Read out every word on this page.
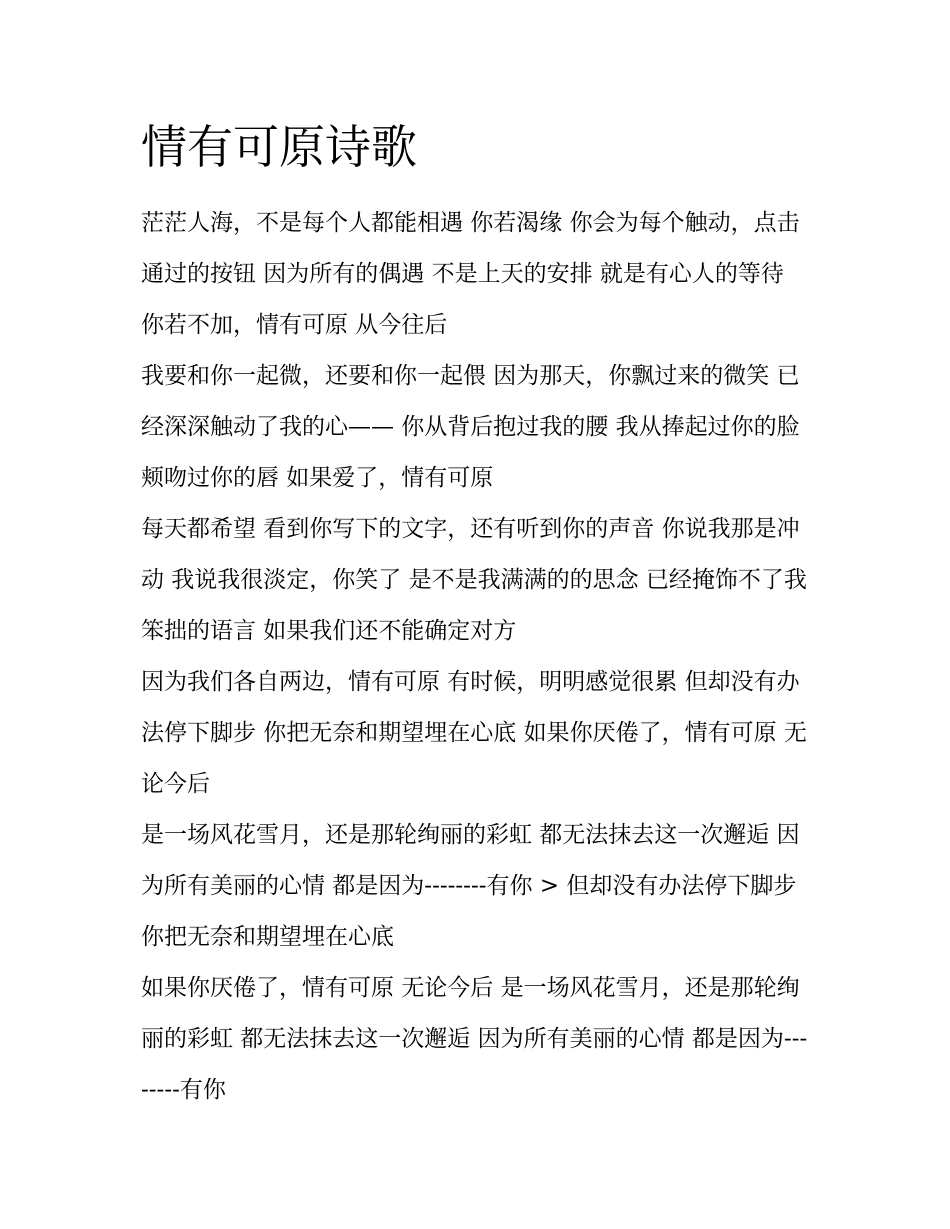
情有可原诗歌

茫茫人海，不是每个人都能相遇 你若渴缘 你会为每个触动，点击通过的按钮 因为所有的偶遇 不是上天的安排 就是有心人的等待 你若不加，情有可原 从今往后

我要和你一起微，还要和你一起偎 因为那天，你飘过来的微笑 已经深深触动了我的心—— 你从背后抱过我的腰 我从捧起过你的脸颊吻过你的唇 如果爱了，情有可原

每天都希望 看到你写下的文字，还有听到你的声音 你说我那是冲动 我说我很淡定，你笑了 是不是我满满的的思念 已经掩饰不了我笨拙的语言 如果我们还不能确定对方

因为我们各自两边，情有可原 有时候，明明感觉很累 但却没有办法停下脚步 你把无奈和期望埋在心底 如果你厌倦了，情有可原 无论今后

是一场风花雪月，还是那轮绚丽的彩虹 都无法抹去这一次邂逅 因为所有美丽的心情 都是因为--------有你 > 但却没有办法停下脚步 你把无奈和期望埋在心底

如果你厌倦了，情有可原 无论今后 是一场风花雪月，还是那轮绚丽的彩虹 都无法抹去这一次邂逅 因为所有美丽的心情 都是因为--------有你
